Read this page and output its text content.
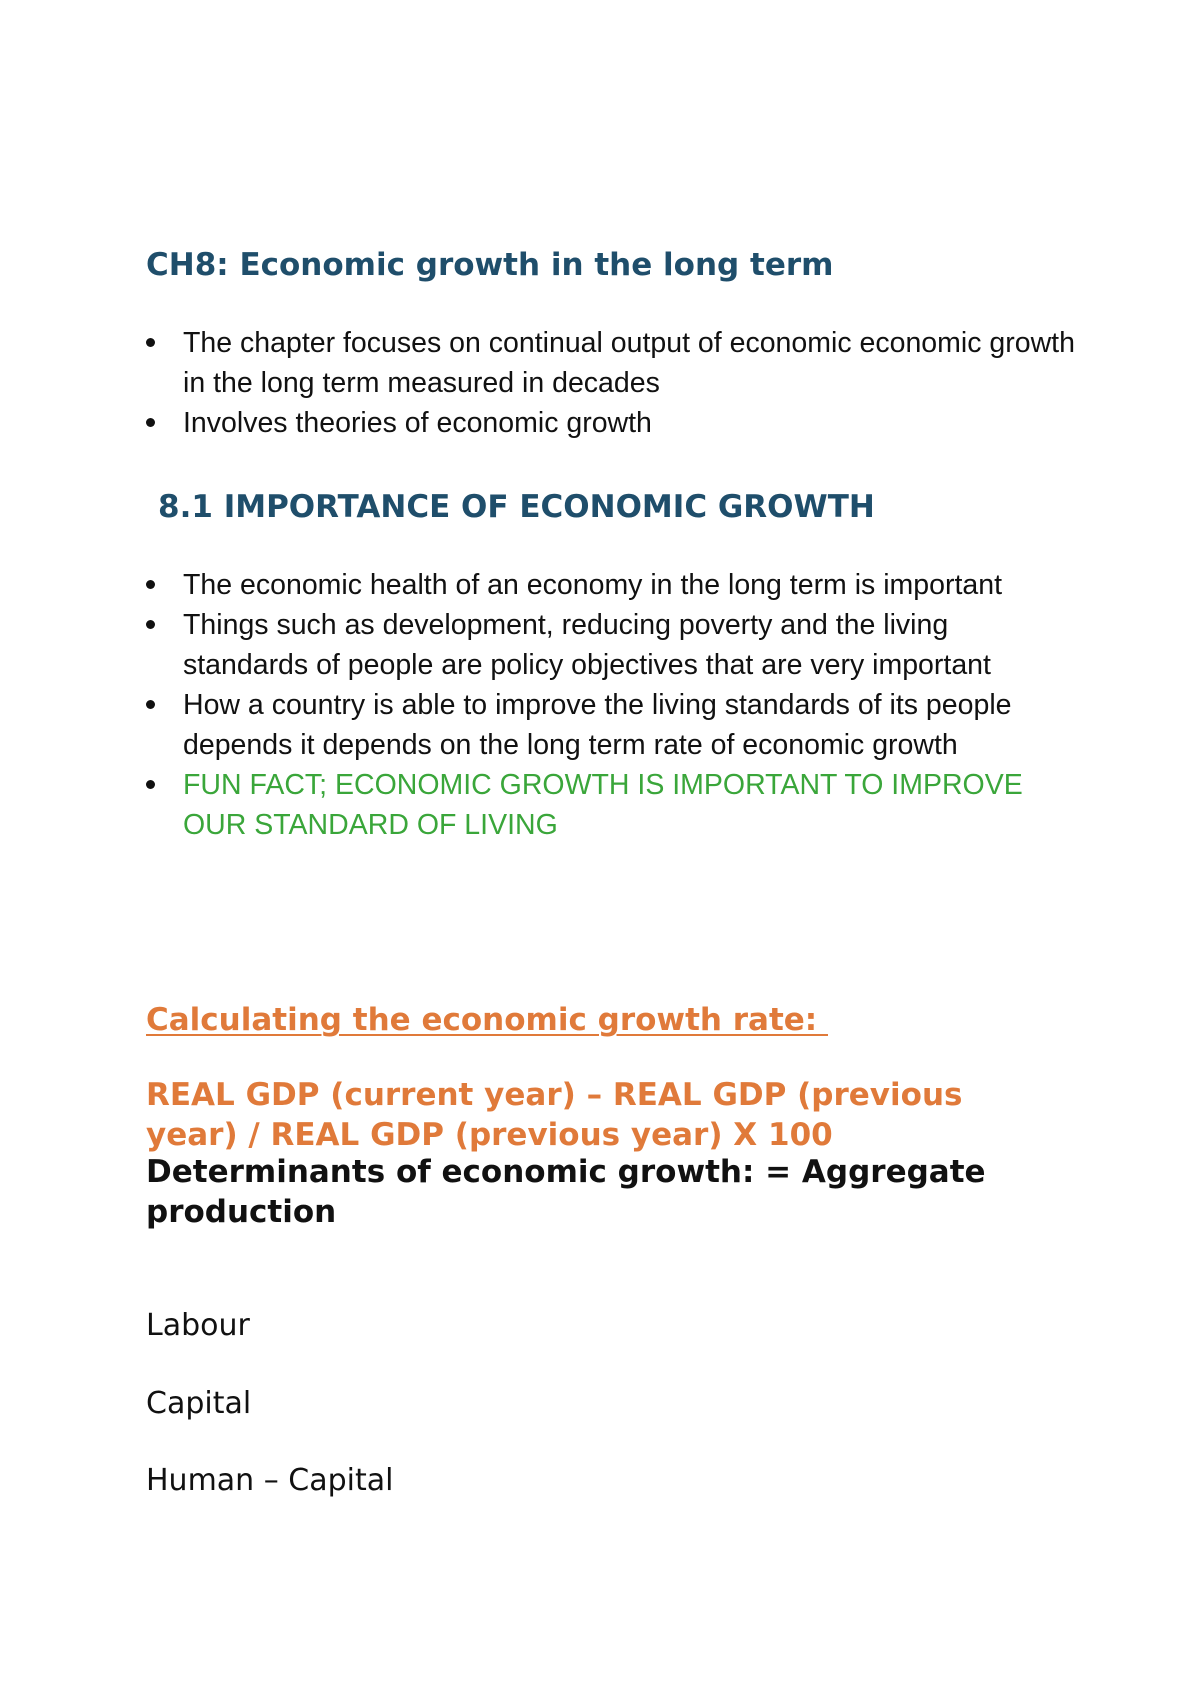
CH8: Economic growth in the long term
The chapter focuses on continual output of economic economic growth in the long term measured in decades
Involves theories of economic growth
8.1 IMPORTANCE OF ECONOMIC GROWTH
The economic health of an economy in the long term is important
Things such as development, reducing poverty and the living standards of people are policy objectives that are very important
How a country is able to improve the living standards of its people depends it depends on the long term rate of economic growth
FUN FACT; ECONOMIC GROWTH IS IMPORTANT TO IMPROVE OUR STANDARD OF LIVING
Calculating the economic growth rate:
REAL GDP (current year) – REAL GDP (previous year) / REAL GDP (previous year) X 100
Determinants of economic growth: = Aggregate production
Labour
Capital
Human – Capital
